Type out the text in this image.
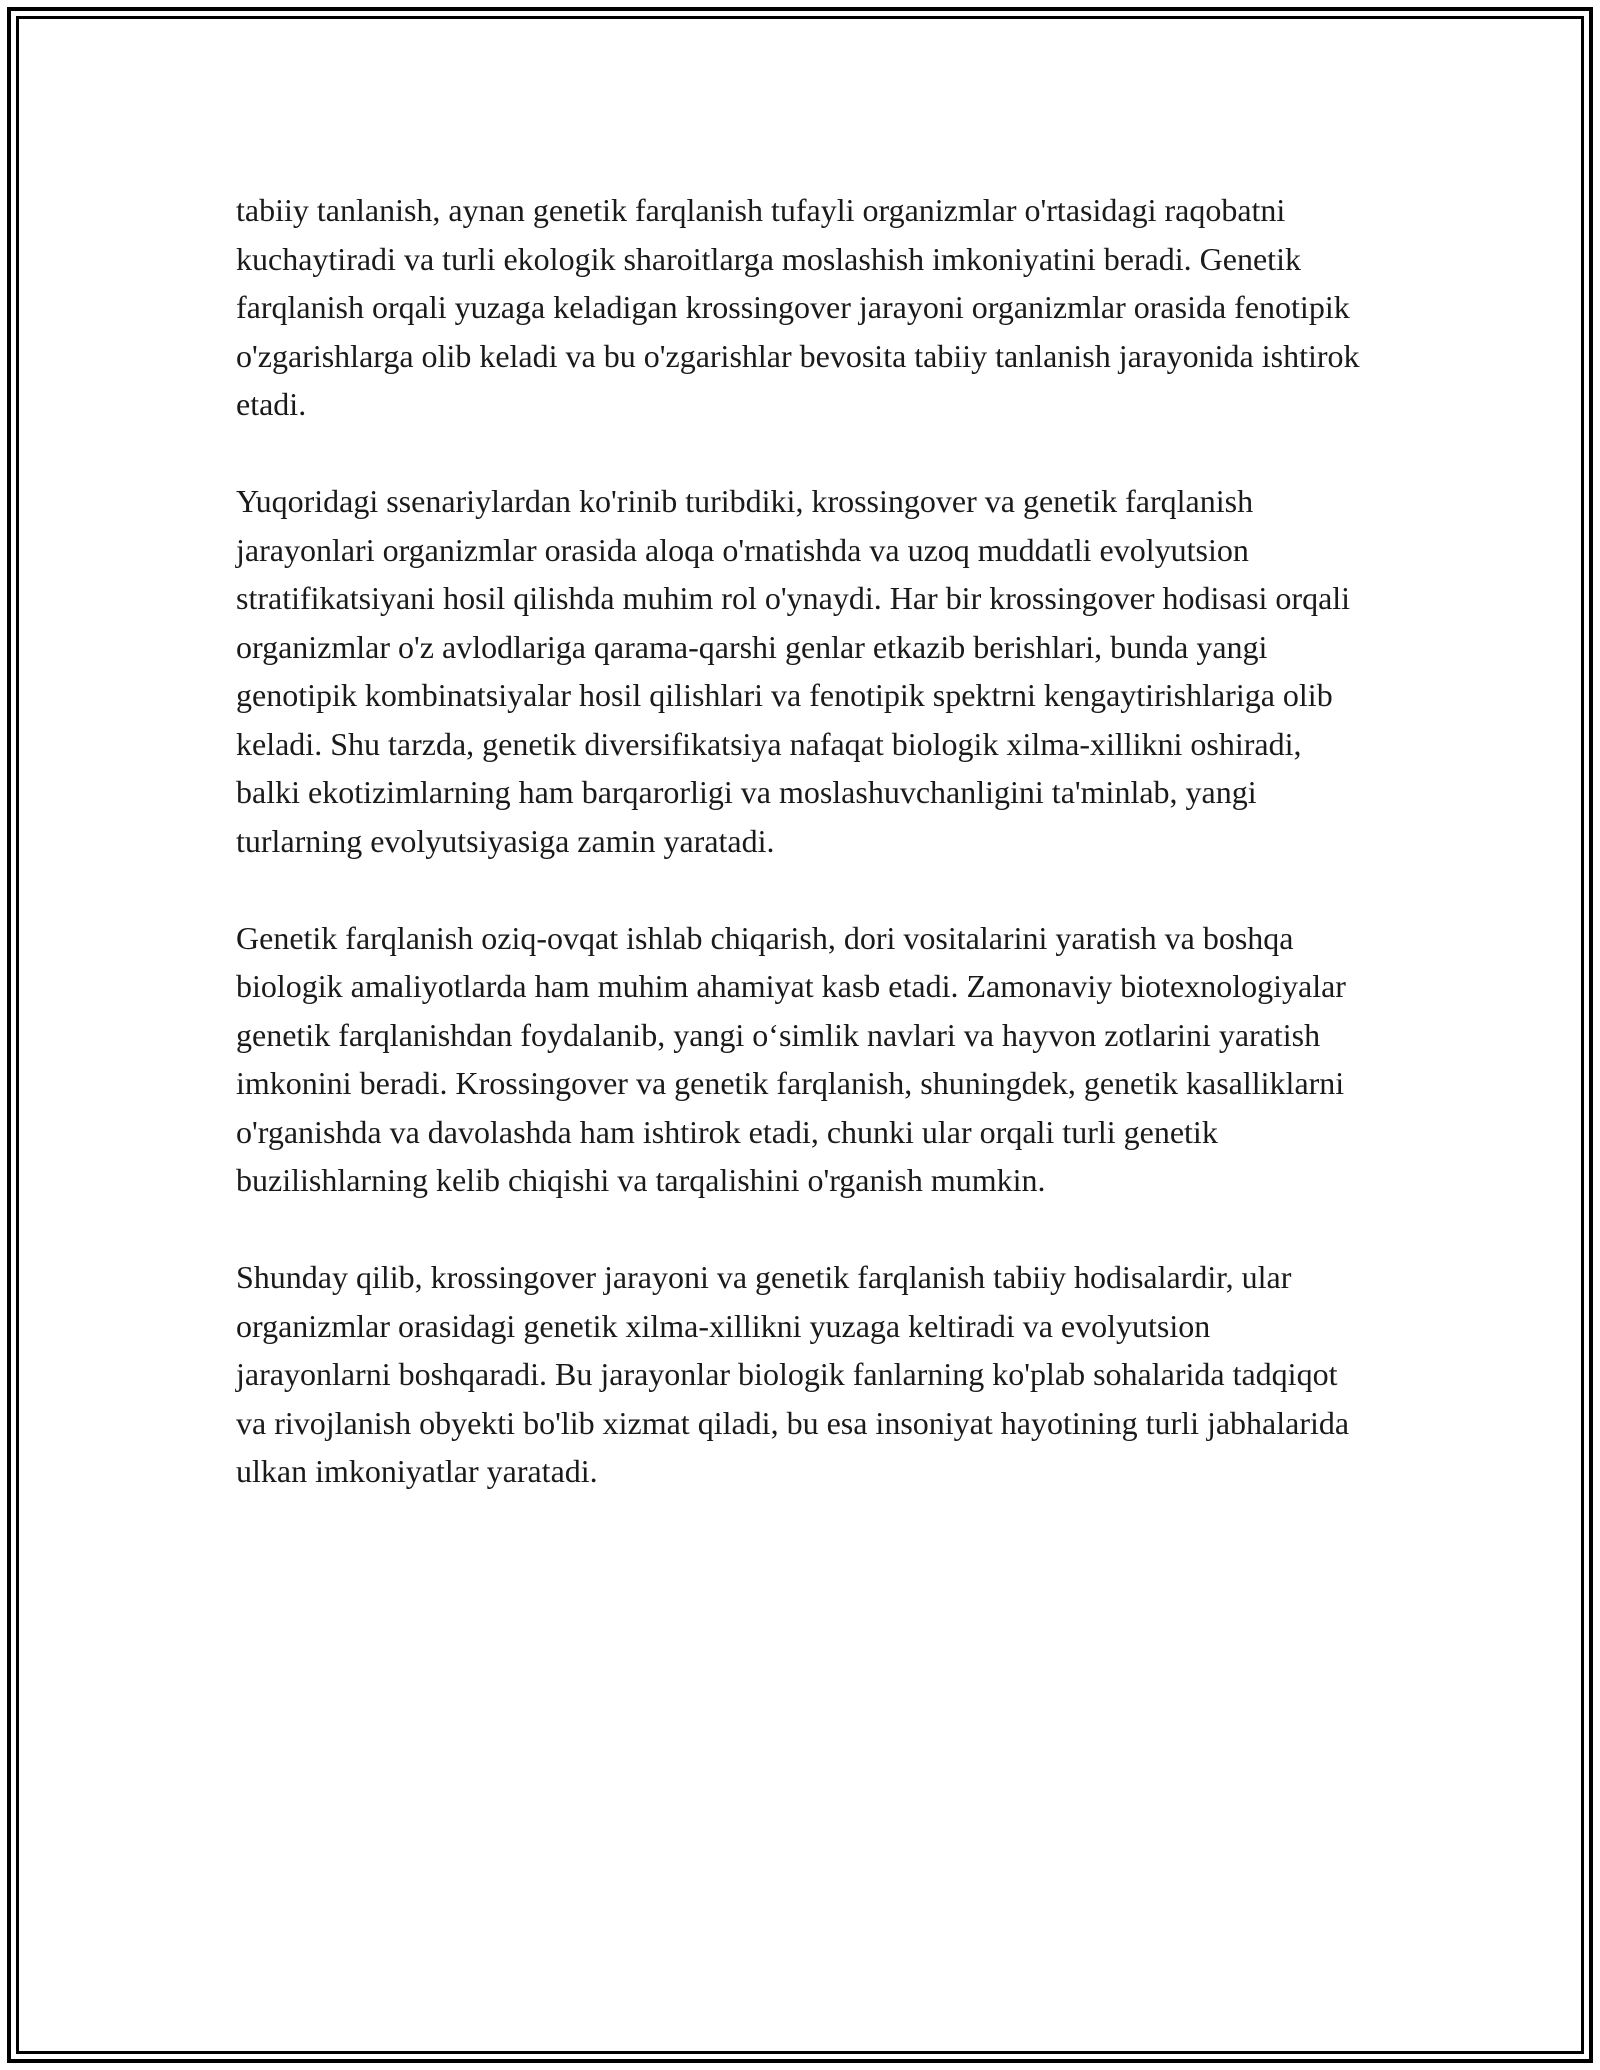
tabiiy tanlanish, aynan genetik farqlanish tufayli organizmlar o'rtasidagi raqobatni kuchaytiradi va turli ekologik sharoitlarga moslashish imkoniyatini beradi. Genetik farqlanish orqali yuzaga keladigan krossingover jarayoni organizmlar orasida fenotipik o'zgarishlarga olib keladi va bu o'zgarishlar bevosita tabiiy tanlanish jarayonida ishtirok etadi.

Yuqoridagi ssenariylardan ko'rinib turibdiki, krossingover va genetik farqlanish jarayonlari organizmlar orasida aloqa o'rnatishda va uzoq muddatli evolyutsion stratifikatsiyani hosil qilishda muhim rol o'ynaydi. Har bir krossingover hodisasi orqali organizmlar o'z avlodlariga qarama-qarshi genlar etkazib berishlari, bunda yangi genotipik kombinatsiyalar hosil qilishlari va fenotipik spektrni kengaytirishlariga olib keladi. Shu tarzda, genetik diversifikatsiya nafaqat biologik xilma-xillikni oshiradi, balki ekotizimlarning ham barqarorligi va moslashuvchanligini ta'minlab, yangi turlarning evolyutsiyasiga zamin yaratadi.

Genetik farqlanish oziq-ovqat ishlab chiqarish, dori vositalarini yaratish va boshqa biologik amaliyotlarda ham muhim ahamiyat kasb etadi. Zamonaviy biotexnologiyalar genetik farqlanishdan foydalanib, yangi o‘simlik navlari va hayvon zotlarini yaratish imkonini beradi. Krossingover va genetik farqlanish, shuningdek, genetik kasalliklarni o'rganishda va davolashda ham ishtirok etadi, chunki ular orqali turli genetik buzilishlarning kelib chiqishi va tarqalishini o'rganish mumkin.

Shunday qilib, krossingover jarayoni va genetik farqlanish tabiiy hodisalardir, ular organizmlar orasidagi genetik xilma-xillikni yuzaga keltiradi va evolyutsion jarayonlarni boshqaradi. Bu jarayonlar biologik fanlarning ko'plab sohalarida tadqiqot va rivojlanish obyekti bo'lib xizmat qiladi, bu esa insoniyat hayotining turli jabhalarida ulkan imkoniyatlar yaratadi.
